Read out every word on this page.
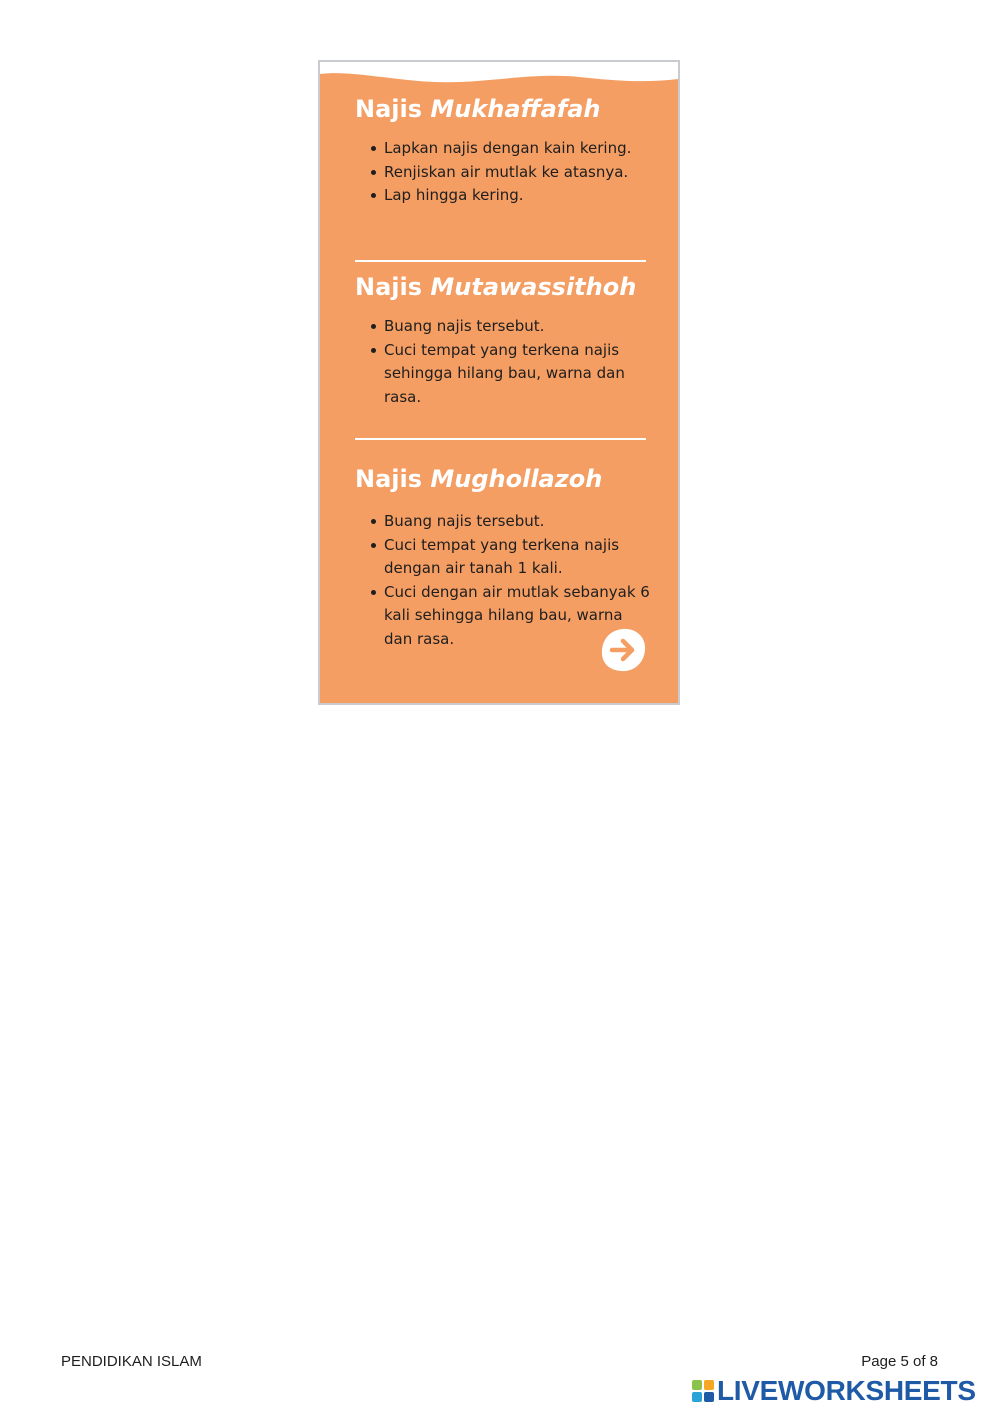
Najis Mukhaffafah
Lapkan najis dengan kain kering.
Renjiskan air mutlak ke atasnya.
Lap hingga kering.
Najis Mutawassithoh
Buang najis tersebut.
Cuci tempat yang terkena najis sehingga hilang bau, warna dan rasa.
Najis Mughollazoh
Buang najis tersebut.
Cuci tempat yang terkena najis dengan air tanah 1 kali.
Cuci dengan air mutlak sebanyak 6 kali sehingga hilang bau, warna dan rasa.
PENDIDIKAN ISLAM	Page 5 of 8
LIVEWORKSHEETS
